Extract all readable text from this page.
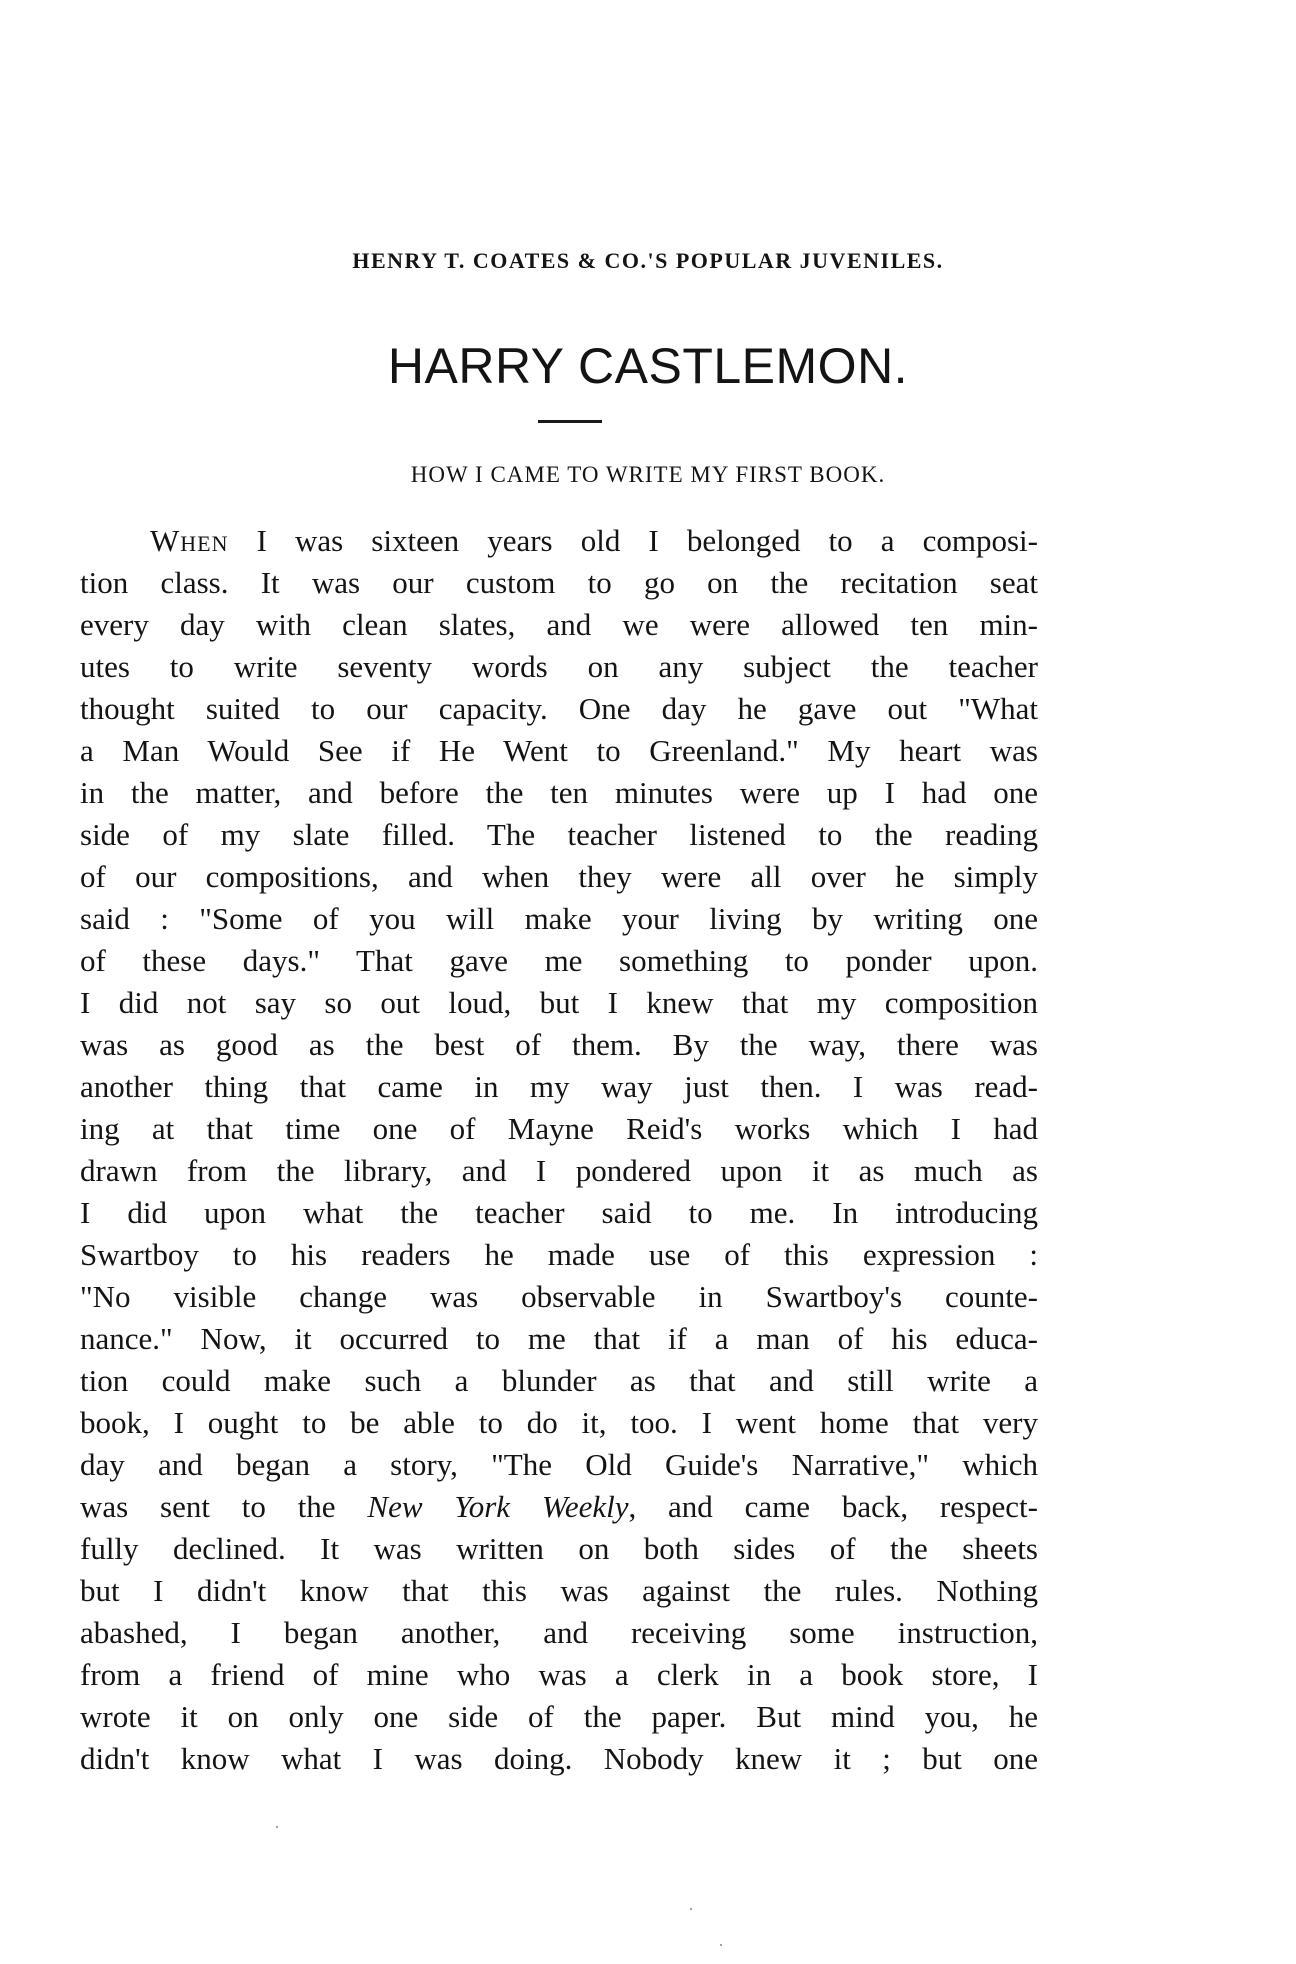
HENRY T. COATES & CO.'S POPULAR JUVENILES.
HARRY CASTLEMON.
HOW I CAME TO WRITE MY FIRST BOOK.
When I was sixteen years old I belonged to a composi-
tion class. It was our custom to go on the recitation seat
every day with clean slates, and we were allowed ten min-
utes to write seventy words on any subject the teacher
thought suited to our capacity. One day he gave out "What
a Man Would See if He Went to Greenland." My heart was
in the matter, and before the ten minutes were up I had one
side of my slate filled. The teacher listened to the reading
of our compositions, and when they were all over he simply
said : "Some of you will make your living by writing one
of these days." That gave me something to ponder upon.
I did not say so out loud, but I knew that my composition
was as good as the best of them. By the way, there was
another thing that came in my way just then. I was read-
ing at that time one of Mayne Reid's works which I had
drawn from the library, and I pondered upon it as much as
I did upon what the teacher said to me. In introducing
Swartboy to his readers he made use of this expression :
"No visible change was observable in Swartboy's counte-
nance." Now, it occurred to me that if a man of his educa-
tion could make such a blunder as that and still write a
book, I ought to be able to do it, too. I went home that very
day and began a story, "The Old Guide's Narrative," which
was sent to the New York Weekly, and came back, respect-
fully declined. It was written on both sides of the sheets
but I didn't know that this was against the rules. Nothing
abashed, I began another, and receiving some instruction,
from a friend of mine who was a clerk in a book store, I
wrote it on only one side of the paper. But mind you, he
didn't know what I was doing. Nobody knew it ; but one
